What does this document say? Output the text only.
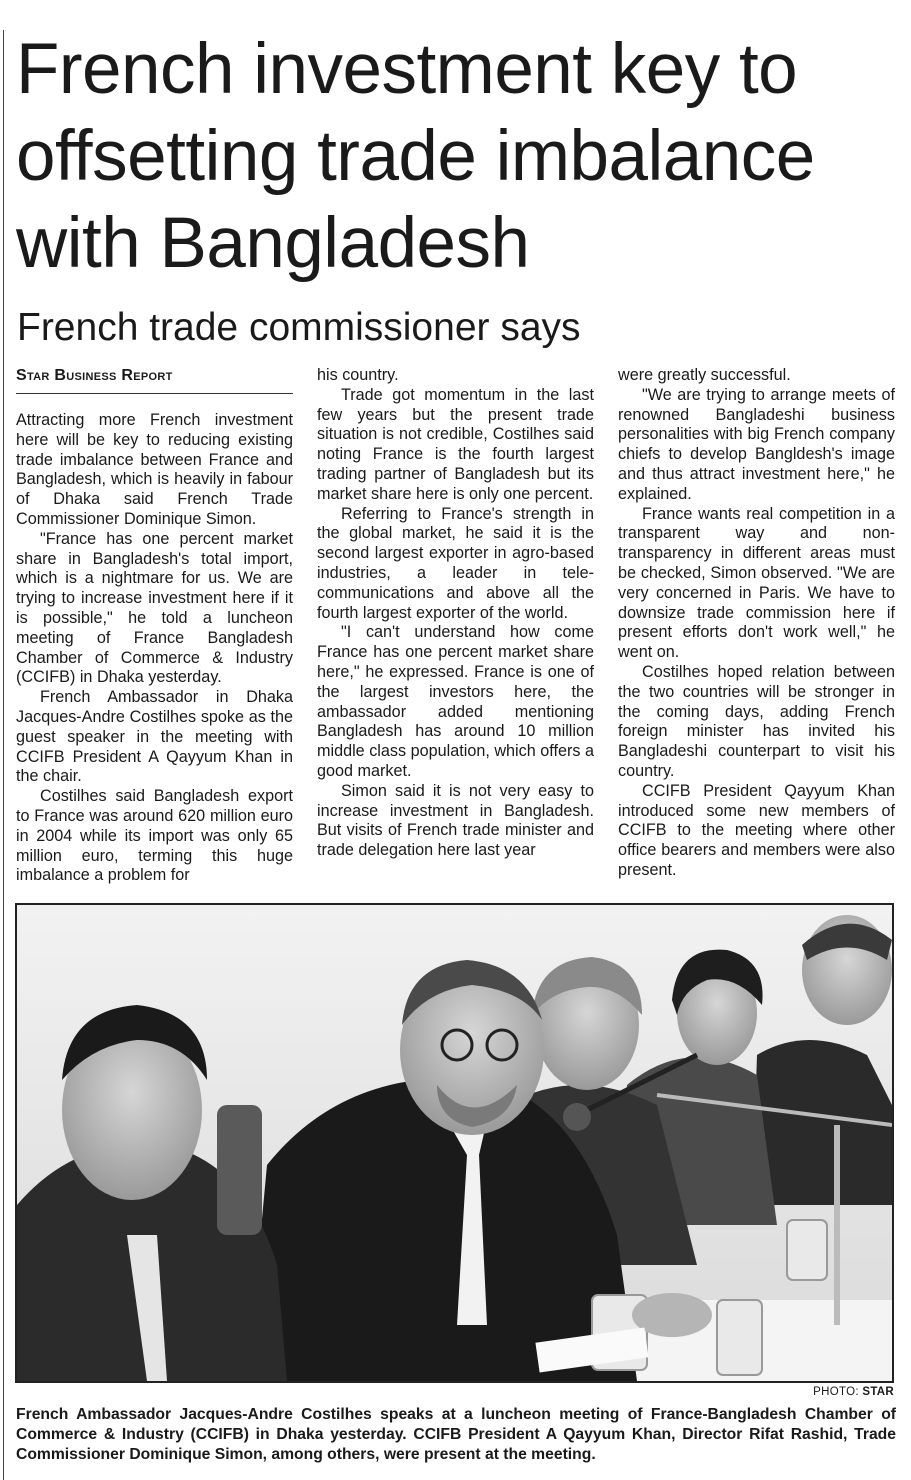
French investment key to offsetting trade imbalance with Bangladesh
French trade commissioner says
Star Business Report

Attracting more French investment here will be key to reducing existing trade imbalance between France and Bangladesh, which is heavily in fabour of Dhaka said French Trade Commissioner Dominique Simon.

"France has one percent market share in Bangladesh's total import, which is a nightmare for us. We are trying to increase investment here if it is possible," he told a luncheon meeting of France Bangladesh Chamber of Commerce & Industry (CCIFB) in Dhaka yesterday.

French Ambassador in Dhaka Jacques-Andre Costilhes spoke as the guest speaker in the meeting with CCIFB President A Qayyum Khan in the chair.

Costilhes said Bangladesh export to France was around 620 million euro in 2004 while its import was only 65 million euro, terming this huge imbalance a problem for

his country.

Trade got momentum in the last few years but the present trade situation is not credible, Costilhes said noting France is the fourth largest trading partner of Bangladesh but its market share here is only one percent.

Referring to France's strength in the global market, he said it is the second largest exporter in agro-based industries, a leader in tele-communications and above all the fourth largest exporter of the world.

"I can't understand how come France has one percent market share here," he expressed. France is one of the largest investors here, the ambassador added mentioning Bangladesh has around 10 million middle class population, which offers a good market.

Simon said it is not very easy to increase investment in Bangladesh. But visits of French trade minister and trade delegation here last year

were greatly successful.

"We are trying to arrange meets of renowned Bangladeshi business personalities with big French company chiefs to develop Bangldesh's image and thus attract investment here," he explained.

France wants real competition in a transparent way and non-transparency in different areas must be checked, Simon observed. "We are very concerned in Paris. We have to downsize trade commission here if present efforts don't work well," he went on.

Costilhes hoped relation between the two countries will be stronger in the coming days, adding French foreign minister has invited his Bangladeshi counterpart to visit his country.

CCIFB President Qayyum Khan introduced some new members of CCIFB to the meeting where other office bearers and members were also present.

PHOTO: STAR

French Ambassador Jacques-Andre Costilhes speaks at a luncheon meeting of France-Bangladesh Chamber of Commerce & Industry (CCIFB) in Dhaka yesterday. CCIFB President A Qayyum Khan, Director Rifat Rashid, Trade Commissioner Dominique Simon, among others, were present at the meeting.
